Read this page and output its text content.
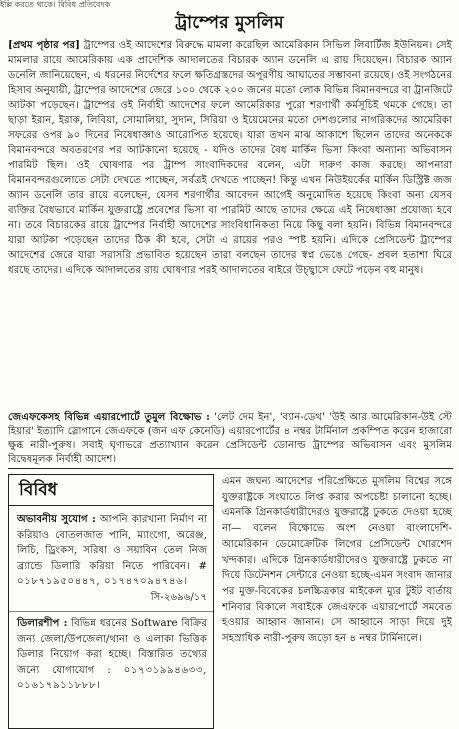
ইল্লি করতে থাকে। বিবিধ প্রতিবেদক
ট্রাম্পের মুসলিম

[প্রথম পৃষ্ঠার পর] ট্রাম্পের ওই আদেশের বিরুদ্ধে মামলা করেছিল আমেরিকান সিভিল লিবার্টিজ ইউনিয়ন। সেই মামলার রায়ে আমেরিকায় এক প্রাদেশিক আদালতের বিচারক অ্যান ডনেলি এ রায় দিয়েছেন। বিচারক অ্যান ডনেলি জানিয়েছেন, এ ধরনের নির্দেশের ফলে ক্ষতিগ্রস্তদের অপূরণীয় আঘাতের সম্ভাবনা রয়েছে। ওই সংগঠনের হিসাব অনুযায়ী, ট্রাম্পের আদেশের জেরে ১০০ থেকে ২০০ জনের মতো লোক বিভিন্ন বিমানবন্দরে বা ট্রানজিটে আটকা পড়েছেন। ট্রাম্পের ওই নির্বাহী আদেশের ফলে আমেরিকার পুরো শরণার্থী কর্মসূচিই থমকে গেছে। তা ছাড়া ইরান, ইরাক, লিবিয়া, সোমালিয়া, সুদান, সিরিয়া ও ইয়েমেনের মতো দেশগুলোর নাগরিকদের আমেরিকা সফরের ওপর ৯০ দিনের নিষেধাজ্ঞাও আরোপিত হয়েছে। যারা তখন মাঝ আকাশে ছিলেন তাদের অনেককে বিমানবন্দরে অবতরণের পর আটকানো হয়েছে - যদিও তাদের বৈধ মার্কিন ভিসা কিংবা অন্যান্য অভিবাসন পারমিট ছিল। ওই ঘোষণার পর ট্রাম্প সাংবাদিকদের বলেন, এটা দারুণ কাজ করছে। আপনারা বিমানবন্দরগুলোতে সেটা দেখতে পাচ্ছেন, সর্বত্রই দেখতে পাচ্ছেন! কিন্তু এখন নিউইয়র্কের মার্কিন ডিস্ট্রিক্ট জজ অ্যান ডনেলি তার রায়ে বলেছেন, যেসব শরণার্থীর আবেদন আগেই অনুমোদিত হয়েছে কিংবা অন্য যেসব ব্যক্তির বৈধভাবে মার্কিন যুক্তরাষ্ট্রে প্রবেশের ভিসা বা পারমিট আছে তাদের ক্ষেত্রে এই নিষেধাজ্ঞা প্রযোজ্য হবে না। তবে বিচারকের রায়ে ট্রাম্পের নির্বাহী আদেশের সাংবিধানিকতা নিয়ে কিছু বলা হয়নি। বিভিন্ন বিমানবন্দরে যারা আটকা পড়েছেন তাদের ঠিক কী হবে, সেটা এ রায়ের পরও স্পষ্ট হয়নি। এদিকে প্রেসিডেন্ট ট্রাম্পের আদেশের জেরে যারা সরাসরি প্রভাবিত হয়েছেন তারা বলছেন তাদের স্বপ্ন ভেঙে গেছে- প্রবল হতাশা ঘিরে ধরছে তাদের। এদিকে আদালতের রায় ঘোষণার পরই আদালতের বাইরে উচ্ছ্বাসে ফেটে পড়েন বহু মানুষ।

জেএফকেসহ বিভিন্ন এয়ারপোর্টে তুমুল বিক্ষোভ : 'লেট দেম ইন', 'ব্যান-ডেথ' 'উই আর আমেরিকান-উই স্টে হিয়ার' ইত্যাদি স্লোগানে জেএফকে (জন এফ কেনেডি) এয়ারপোর্টের ৪ নম্বর টার্মিনাল প্রকম্পিত করেন হাজারো ক্ষুব্ধ নারী-পুরুষ। সবাই ঘৃণাভরে প্রত্যাখ্যান করেন প্রেসিডেন্ট ডোনাল্ড ট্রাম্পের অভিবাসন এবং মুসলিম বিদ্বেষমূলক নির্বাহী আদেশ।
বিবিধ
অভাবনীয় সুযোগ : আপনি কারখানা নির্মাণ না করিয়াও বোতলজাত পানি, ম্যাংগো, অরেঞ্জ, লিচি, ড্রিংকস, সরিষা ও সয়াবিন তেল নিজ ব্র্যান্ডে ডিলারি করিয়া নিতে পারিবেন। # ০১৮৭১৯৫০৪৪৭, ০১৭৪৭০৯৪৭৪৬।
সি-২৬৯৬/১৭
ডিলারশীপ : বিভিন্ন ধরনের Software বিক্রির জন্য জেলা/উপজেলা/থানা ও এলাকা ভিত্তিক ডিলার নিয়োগ করা হচ্ছে। বিস্তারিত তথ্যের জন্যে যোগাযোগ : ০১৭৩১৯৯৪৬৩৩, ০১৬১৭৯১১৮৮৮।

এমন জঘন্য আদেশের পরিপ্রেক্ষিতে মুসলিম বিশ্বের সঙ্গে যুক্তরাষ্ট্রকে সংঘাতে লিপ্ত করার অপচেষ্টা চালানো হচ্ছে। এমনকি গ্রিনকার্ডধারীদেরও যুক্তরাষ্ট্রে ঢুকতে দেওয়া হচ্ছে না— বলেন বিক্ষোভে অংশ নেওয়া বাংলাদেশি-আমেরিকান ডেমোক্রেটিক লিগের প্রেসিডেন্ট খোরশেদ খন্দকার। এদিকে গ্রিনকার্ডধারীদেরও যুক্তরাষ্ট্রে ঢুকতে না দিয়ে ডিটেনশন সেন্টারে নেওয়া হচ্ছে-এমন সংবাদ জানার পর মুক্ত-বিবেকের চলচ্চিত্রকার মাইকেল ম্যুর টুইট বার্তায় শনিবার বিকালে সবাইকে জেএফকে এয়ারপোর্টে সমবেত হওয়ার আহ্বান জানান। সে আহ্বানে সাড়া দিয়ে দুই সহস্রাধিক নারী-পুরুষ জড়ো হন ৪ নম্বর টার্মিনালে।
